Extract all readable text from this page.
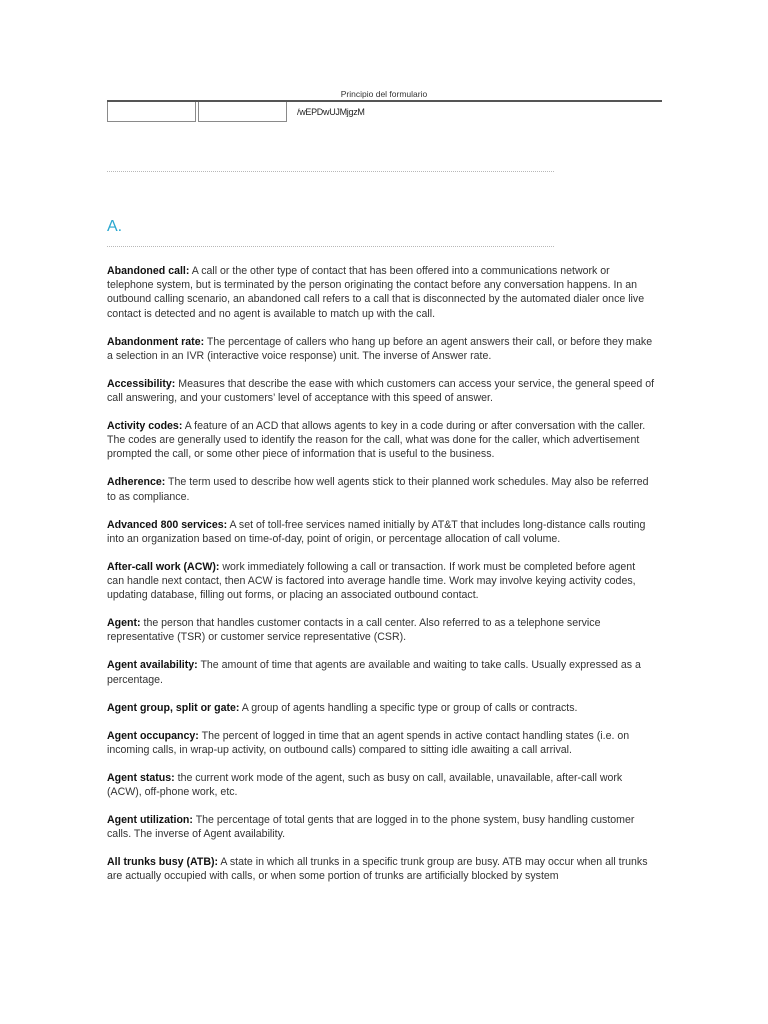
Principio del formulario
/wEPDwUJMjgzM
A.

Abandoned call: A call or the other type of contact that has been offered into a communications network or telephone system, but is terminated by the person originating the contact before any conversation happens. In an outbound calling scenario, an abandoned call refers to a call that is disconnected by the automated dialer once live contact is detected and no agent is available to match up with the call.

Abandonment rate: The percentage of callers who hang up before an agent answers their call, or before they make a selection in an IVR (interactive voice response) unit. The inverse of Answer rate.

Accessibility: Measures that describe the ease with which customers can access your service, the general speed of call answering, and your customers’ level of acceptance with this speed of answer.

Activity codes: A feature of an ACD that allows agents to key in a code during or after conversation with the caller. The codes are generally used to identify the reason for the call, what was done for the caller, which advertisement prompted the call, or some other piece of information that is useful to the business.

Adherence: The term used to describe how well agents stick to their planned work schedules. May also be referred to as compliance.

Advanced 800 services: A set of toll-free services named initially by AT&T that includes long-distance calls routing into an organization based on time-of-day, point of origin, or percentage allocation of call volume.

After-call work (ACW): work immediately following a call or transaction. If work must be completed before agent can handle next contact, then ACW is factored into average handle time. Work may involve keying activity codes, updating database, filling out forms, or placing an associated outbound contact.

Agent: the person that handles customer contacts in a call center. Also referred to as a telephone service representative (TSR) or customer service representative (CSR).

Agent availability: The amount of time that agents are available and waiting to take calls. Usually expressed as a percentage.

Agent group, split or gate: A group of agents handling a specific type or group of calls or contracts.

Agent occupancy: The percent of logged in time that an agent spends in active contact handling states (i.e. on incoming calls, in wrap-up activity, on outbound calls) compared to sitting idle awaiting a call arrival.

Agent status: the current work mode of the agent, such as busy on call, available, unavailable, after-call work (ACW), off-phone work, etc.

Agent utilization: The percentage of total gents that are logged in to the phone system, busy handling customer calls. The inverse of Agent availability.

All trunks busy (ATB): A state in which all trunks in a specific trunk group are busy. ATB may occur when all trunks are actually occupied with calls, or when some portion of trunks are artificially blocked by system
